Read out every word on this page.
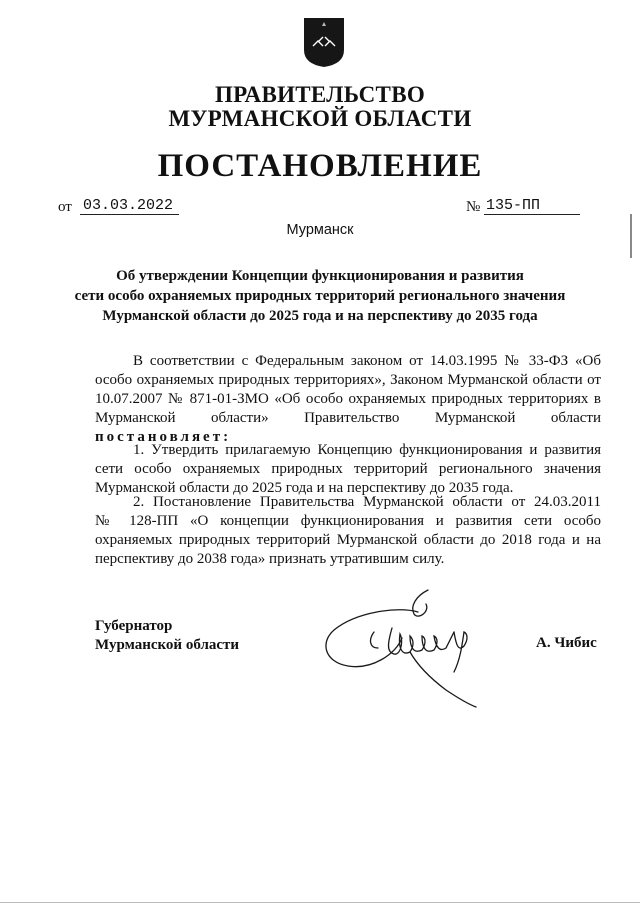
ПРАВИТЕЛЬСТВО
МУРМАНСКОЙ ОБЛАСТИ
ПОСТАНОВЛЕНИЕ
от 03.03.2022	№ 135-ПП
Мурманск
Об утверждении Концепции функционирования и развития
сети особо охраняемых природных территорий регионального значения
Мурманской области до 2025 года и на перспективу до 2035 года
В соответствии с Федеральным законом от 14.03.1995 № 33-ФЗ «Об
особо охраняемых природных территориях», Законом Мурманской области от
10.07.2007 № 871-01-ЗМО «Об особо охраняемых природных территориях в
Мурманской области» Правительство Мурманской области
постановляет:
1. Утвердить прилагаемую Концепцию функционирования и развития
сети особо охраняемых природных территорий регионального значения
Мурманской области до 2025 года и на перспективу до 2035 года.
2. Постановление Правительства Мурманской области от 24.03.2011
№ 128-ПП «О концепции функционирования и развития сети особо
охраняемых природных территорий Мурманской области до 2018 года и на
перспективу до 2038 года» признать утратившим силу.
Губернатор
Мурманской области	А. Чибис
